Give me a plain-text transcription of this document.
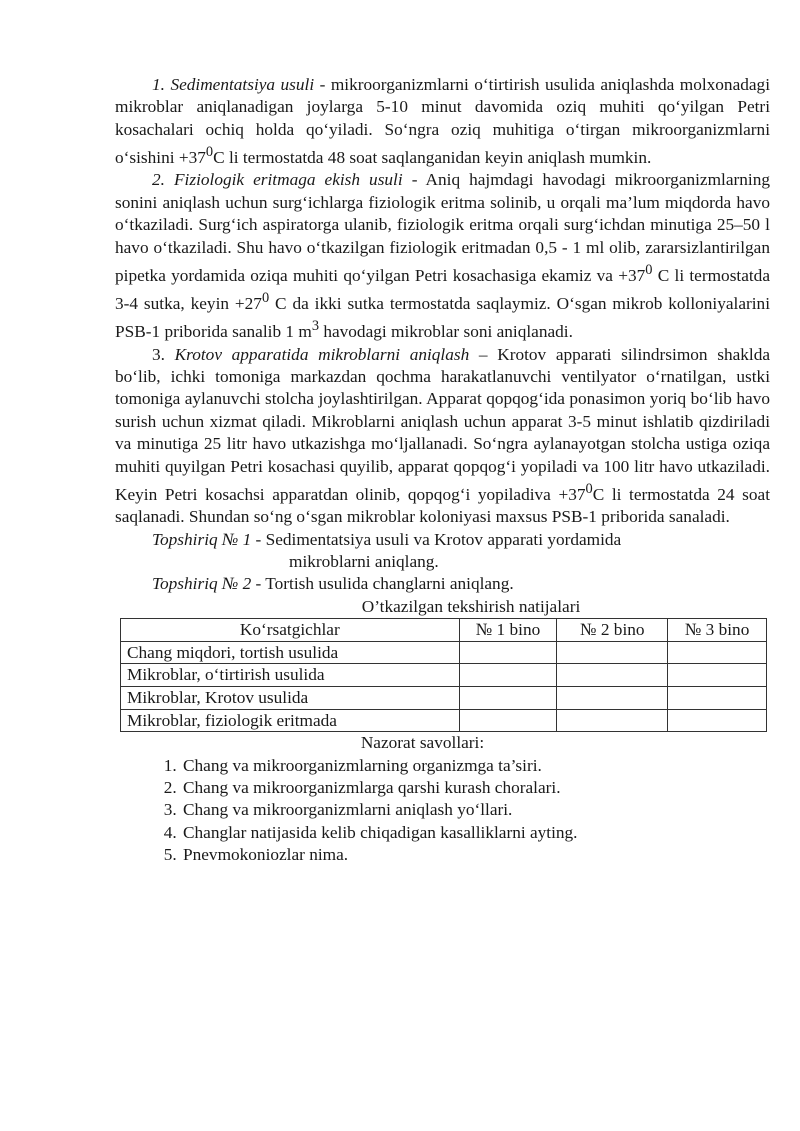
1. Sedimentatsiya usuli - mikroorganizmlarni o‘tirtirish usulida aniqlashda molxonadagi mikroblar aniqlanadigan joylarga 5-10 minut davomida oziq muhiti qo‘yilgan Petri kosachalari ochiq holda qo‘yiladi. So‘ngra oziq muhitiga o‘tirgan mikroorganizmlarni o‘sishini $+37^0C$ li termostatda 48 soat saqlanganidan keyin aniqlash mumkin.

2. Fiziologik eritmaga ekish usuli - Aniq hajmdagi havodagi mikroorganizmlarning sonini aniqlash uchun surg‘ichlarga fiziologik eritma solinib, u orqali ma’lum miqdorda havo o‘tkaziladi. Surg‘ich aspiratorga ulanib, fiziologik eritma orqali surg‘ichdan minutiga 25–50 l havo o‘tkaziladi. Shu havo o‘tkazilgan fiziologik eritmadan 0,5 - 1 ml olib, zararsizlantirilgan pipetka yordamida oziqa muhiti qo‘yilgan Petri kosachasiga ekamiz va $+37^0$ C li termostatda 3-4 sutka, keyin $+27^0$ C da ikki sutka termostatda saqlaymiz. O‘sgan mikrob kolloniyalarini PSB-1 priborida sanalib 1 $m^3$ havodagi mikroblar soni aniqlanadi.

3. Krotov apparatida mikroblarni aniqlash – Krotov apparati silindrsimon shaklda bo‘lib, ichki tomoniga markazdan qochma harakatlanuvchi ventilyator o‘rnatilgan, ustki tomoniga aylanuvchi stolcha joylashtirilgan. Apparat qopqog‘ida ponasimon yoriq bo‘lib havo surish uchun xizmat qiladi. Mikroblarni aniqlash uchun apparat 3-5 minut ishlatib qizdiriladi va minutiga 25 litr havo utkazishga mo‘ljallanadi. So‘ngra aylanayotgan stolcha ustiga oziqa muhiti quyilgan Petri kosachasi quyilib, apparat qopqog‘i yopiladi va 100 litr havo utkaziladi. Keyin Petri kosachsi apparatdan olinib, qopqog‘i yopiladiva $+37^0C$ li termostatda 24 soat saqlanadi. Shundan so‘ng o‘sgan mikroblar koloniyasi maxsus PSB-1 priborida sanaladi.

Topshiriq № 1 - Sedimentatsiya usuli va Krotov apparati yordamida
mikroblarni aniqlang.
Topshiriq № 2 - Tortish usulida changlarni aniqlang.
O’tkazilgan tekshirish natijalari
Ko‘rsatgichlar	№ 1 bino	№ 2 bino	№ 3 bino
Chang miqdori, tortish usulida			
Mikroblar, o‘tirtirish usulida			
Mikroblar, Krotov usulida			
Mikroblar, fiziologik eritmada			
Nazorat savollari:
1. Chang va mikroorganizmlarning organizmga ta’siri.
2. Chang va mikroorganizmlarga qarshi kurash choralari.
3. Chang va mikroorganizmlarni aniqlash yo‘llari.
4. Changlar natijasida kelib chiqadigan kasalliklarni ayting.
5. Pnevmokoniozlar nima.
